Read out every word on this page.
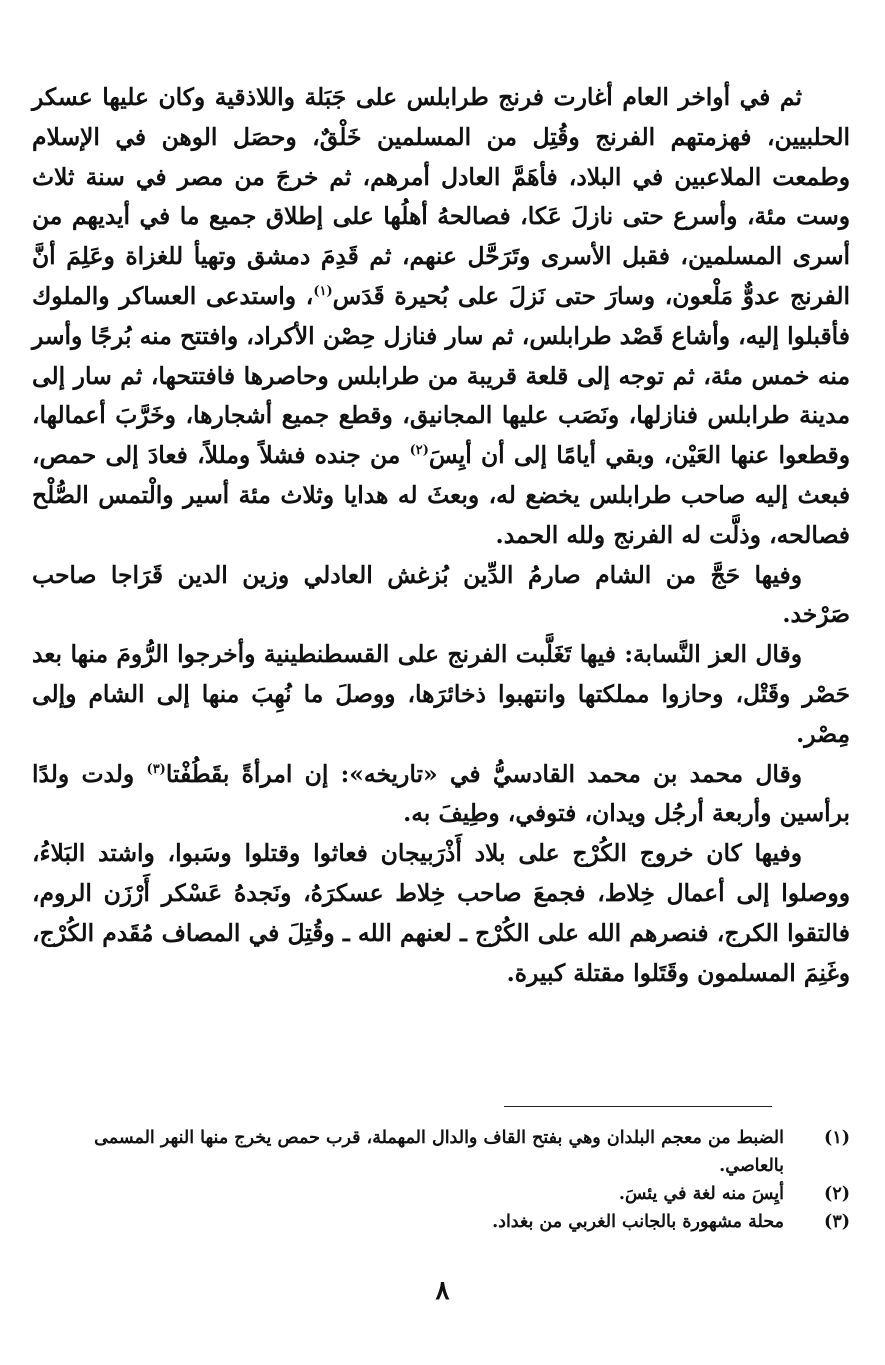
ثم في أواخر العام أغارت فرنج طرابلس على جَبَلة واللاذقية وكان عليها عسكر الحلبيين، فهزمتهم الفرنج وقُتِل من المسلمين خَلْقٌ، وحصَل الوهن في الإسلام وطمعت الملاعبين في البلاد، فأهَمَّ العادل أمرهم، ثم خرجَ من مصر في سنة ثلاث وست مئة، وأسرع حتى نازلَ عَكا، فصالحهُ أهلُها على إطلاق جميع ما في أيديهم من أسرى المسلمين، فقبل الأسرى وتَرَحَّل عنهم، ثم قَدِمَ دمشق وتهيأ للغزاة وعَلِمَ أنَّ الفرنج عدوٌّ مَلْعون، وسارَ حتى نَزلَ على بُحيرة قَدَس$^{(١)}$، واستدعى العساكر والملوك فأقبلوا إليه، وأشاع قَصْد طرابلس، ثم سار فنازل حِصْن الأكراد، وافتتح منه بُرجًا وأسر منه خمس مئة، ثم توجه إلى قلعة قريبة من طرابلس وحاصرها فافتتحها، ثم سار إلى مدينة طرابلس فنازلها، ونَصَب عليها المجانيق، وقطع جميع أشجارها، وخَرَّبَ أعمالها، وقطعوا عنها العَيْن، وبقي أيامًا إلى أن أيِسَ$^{(٢)}$ من جنده فشلاً ومللاً، فعادَ إلى حمص، فبعث إليه صاحب طرابلس يخضع له، وبعثَ له هدايا وثلاث مئة أسير والْتمس الصُّلْح فصالحه، وذلَّت له الفرنج ولله الحمد.

وفيها حَجَّ من الشام صارمُ الدِّين بُزغش العادلي وزين الدين قَرَاجا صاحب صَرْخد.

وقال العز النَّسابة: فيها تَغَلَّبت الفرنج على القسطنطينية وأخرجوا الرُّومَ منها بعد حَصْر وقَتْل، وحازوا مملكتها وانتهبوا ذخائرَها، ووصلَ ما نُهِبَ منها إلى الشام وإلى مِصْر.

وقال محمد بن محمد القادسيُّ في «تاريخه»: إن امرأةً بقَطُفْتا$^{(٣)}$ ولدت ولدًا برأسين وأربعة أرجُل ويدان، فتوفي، وطِيفَ به.

وفيها كان خروج الكُرْج على بلاد أَذْرَبيجان فعاثوا وقتلوا وسَبوا، واشتد البَلاءُ، ووصلوا إلى أعمال خِلاط، فجمعَ صاحب خِلاط عسكرَهُ، ونَجدهُ عَسْكر أَرْزَن الروم، فالتقوا الكرج، فنصرهم الله على الكُرْج ـ لعنهم الله ـ وقُتِلَ في المصاف مُقَدم الكُرْج، وغَنِمَ المسلمون وقَتَلوا مقتلة كبيرة.

(١)
الضبط من معجم البلدان وهي بفتح القاف والدال المهملة، قرب حمص يخرج منها النهر المسمى بالعاصي.
(٢)
أيِسَ منه لغة في يئسَ.
(٣)
محلة مشهورة بالجانب الغربي من بغداد.
٨
